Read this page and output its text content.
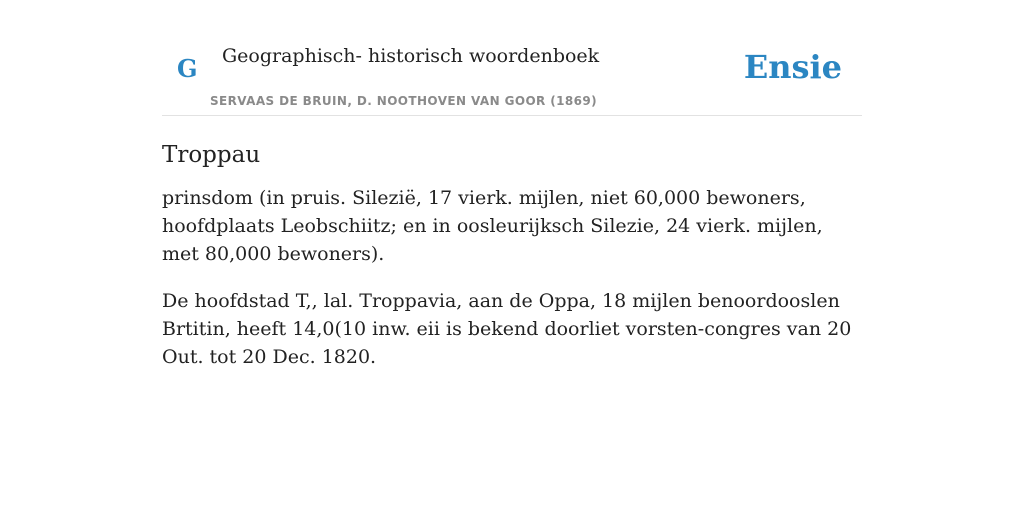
G Geographisch- historisch woordenboek
SERVAAS DE BRUIN, D. NOOTHOVEN VAN GOOR (1869)
Ensie
Troppau

prinsdom (in pruis. Silezië, 17 vierk. mijlen, niet 60,000 bewoners, hoofdplaats Leobschiitz; en in oosleurijksch Silezie, 24 vierk. mijlen, met 80,000 bewoners).

De hoofdstad T,, lal. Troppavia, aan de Oppa, 18 mijlen benoordooslen Brtitin, heeft 14,0(10 inw. eii is bekend doorliet vorsten-congres van 20 Out. tot 20 Dec. 1820.
